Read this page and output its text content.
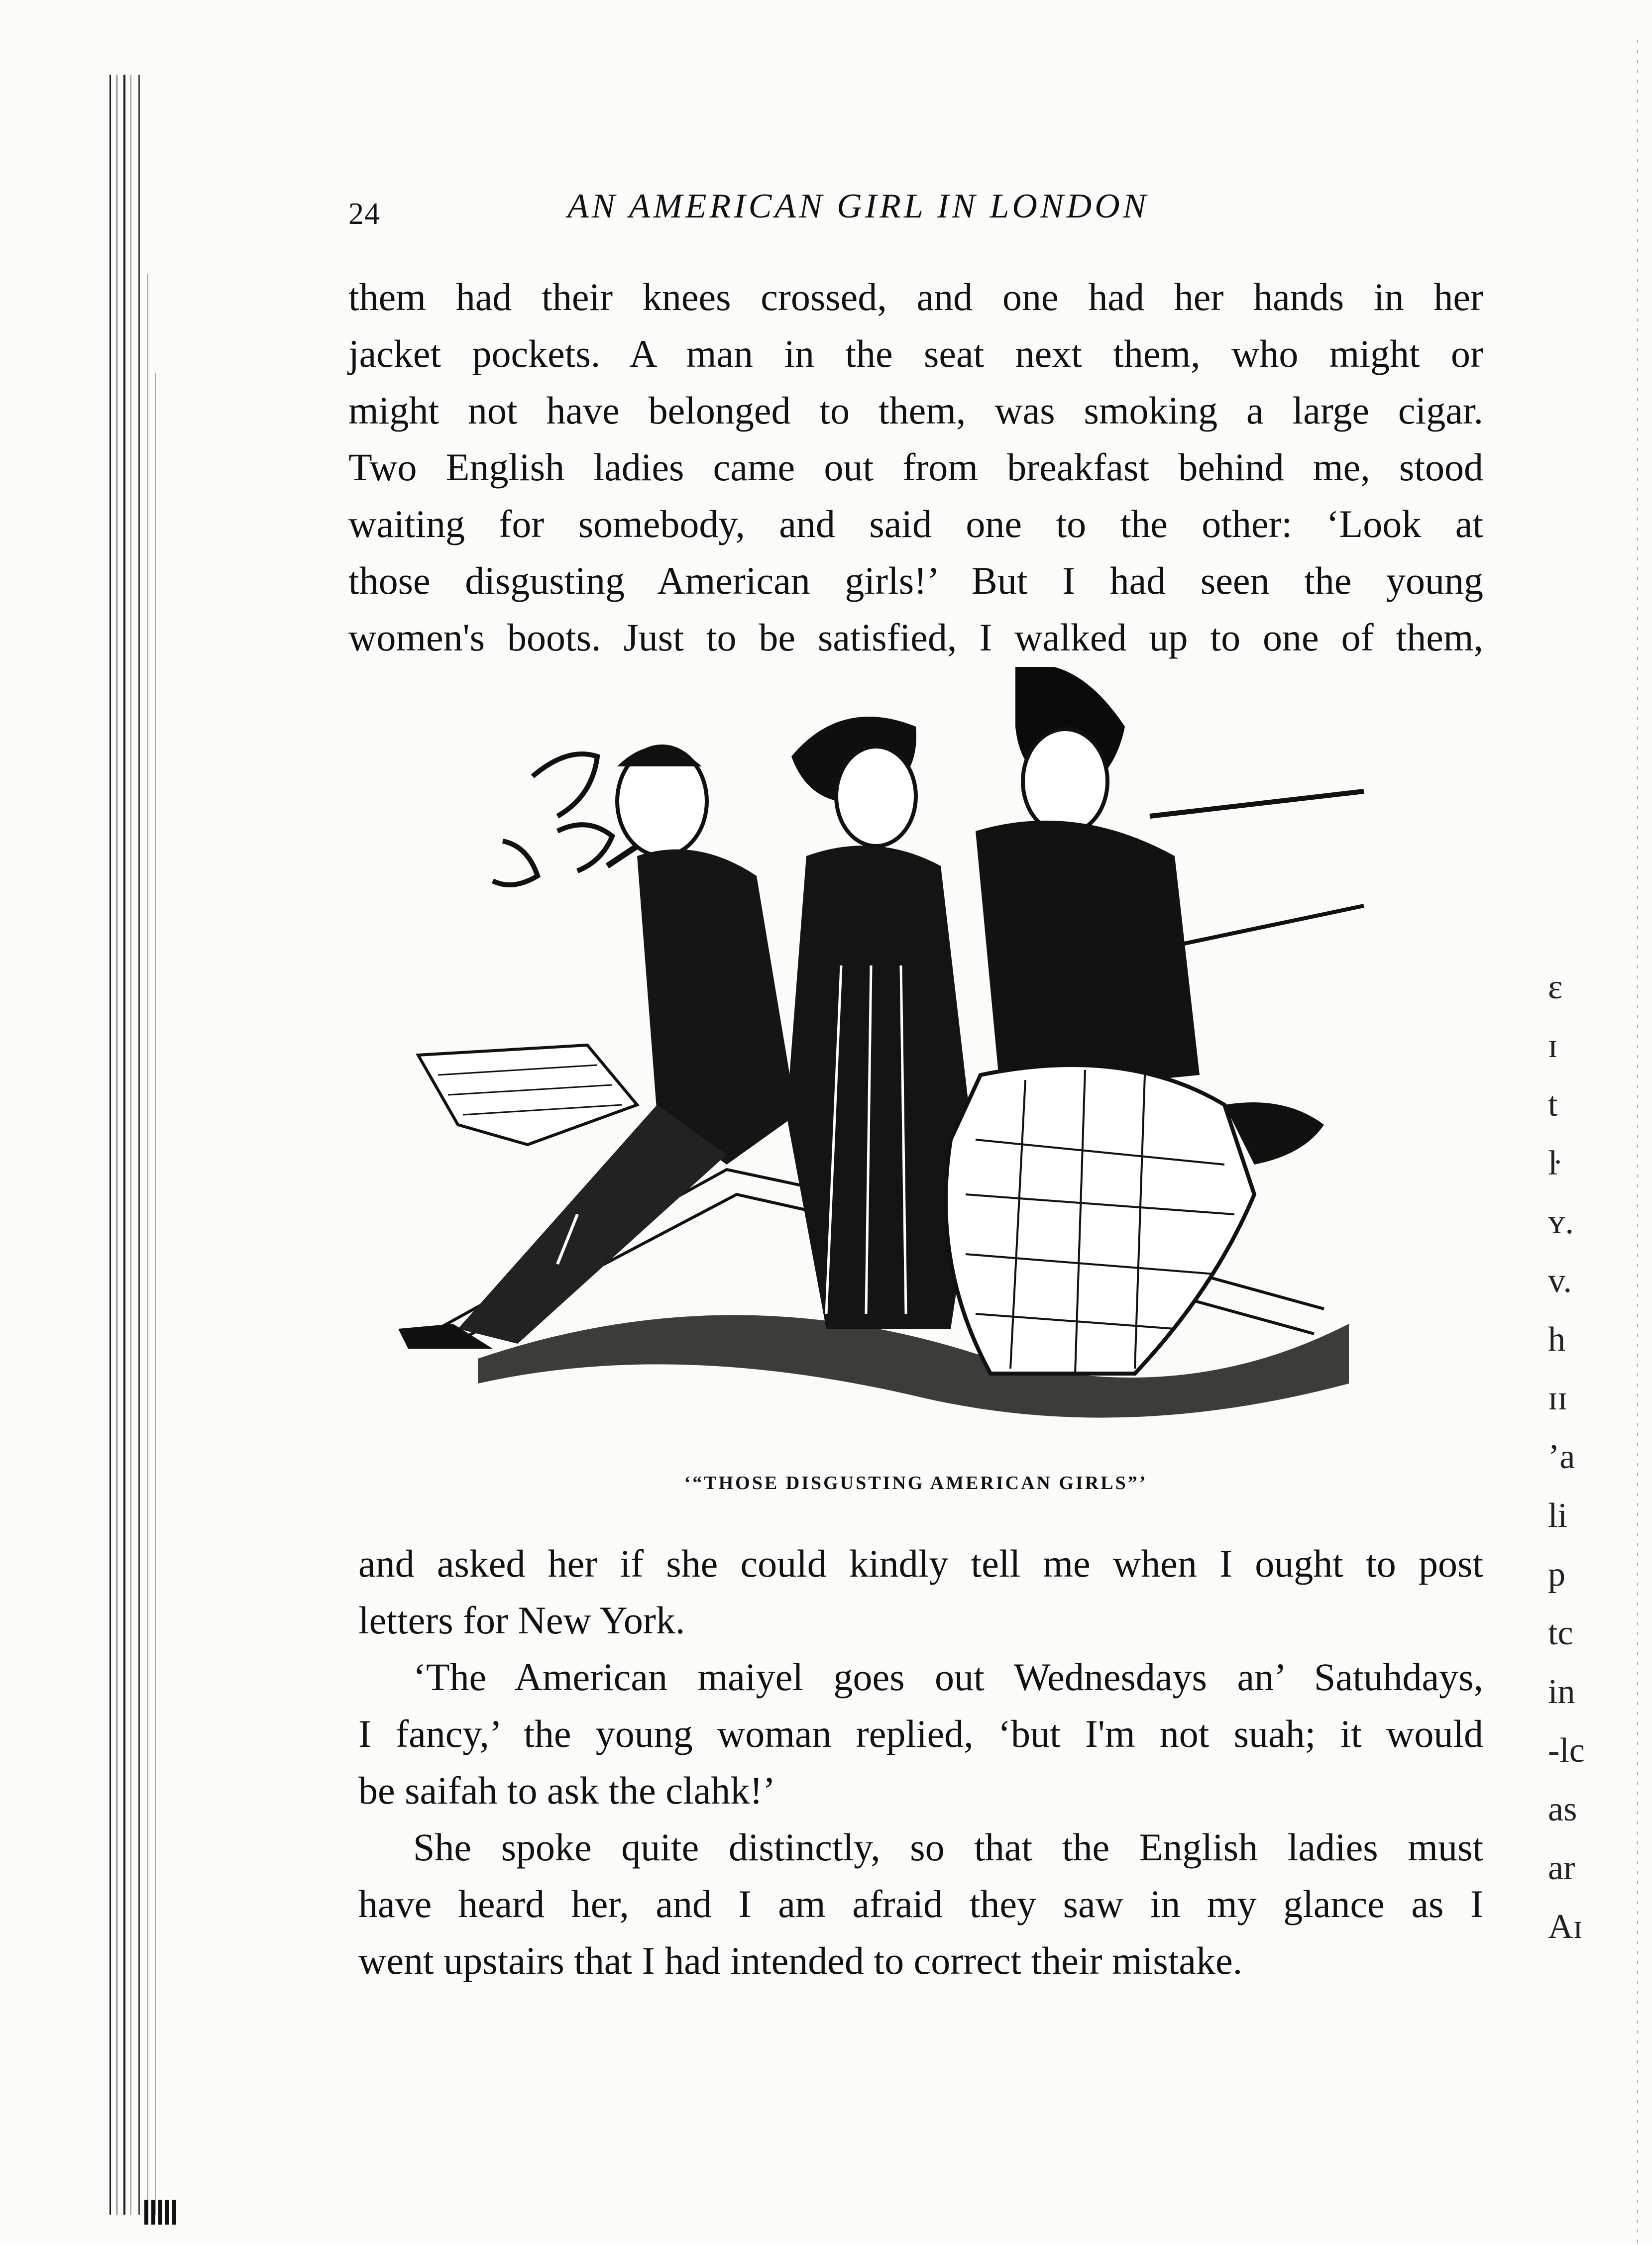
24	AN AMERICAN GIRL IN LONDON
them had their knees crossed, and one had her hands in her
jacket pockets. A man in the seat next them, who might or
might not have belonged to them, was smoking a large cigar.
Two English ladies came out from breakfast behind me, stood
waiting for somebody, and said one to the other: ‘Look at
those disgusting American girls!’ But I had seen the young
women's boots. Just to be satisfied, I walked up to one of them,
‘“THOSE DISGUSTING AMERICAN GIRLS”’
and asked her if she could kindly tell me when I ought to post
letters for New York.
‘The American maiyel goes out Wednesdays an’ Satuhdays,
I fancy,’ the young woman replied, ‘but I'm not suah; it would
be saifah to ask the clahk!’
She spoke quite distinctly, so that the English ladies must
have heard her, and I am afraid they saw in my glance as I
went upstairs that I had intended to correct their mistake.
ɛ
ɪ
t
ŀ
ʏ.
v.
h
ɪɪ
’a
li
p
tc
in
-lc
as
ar
Aɪ
